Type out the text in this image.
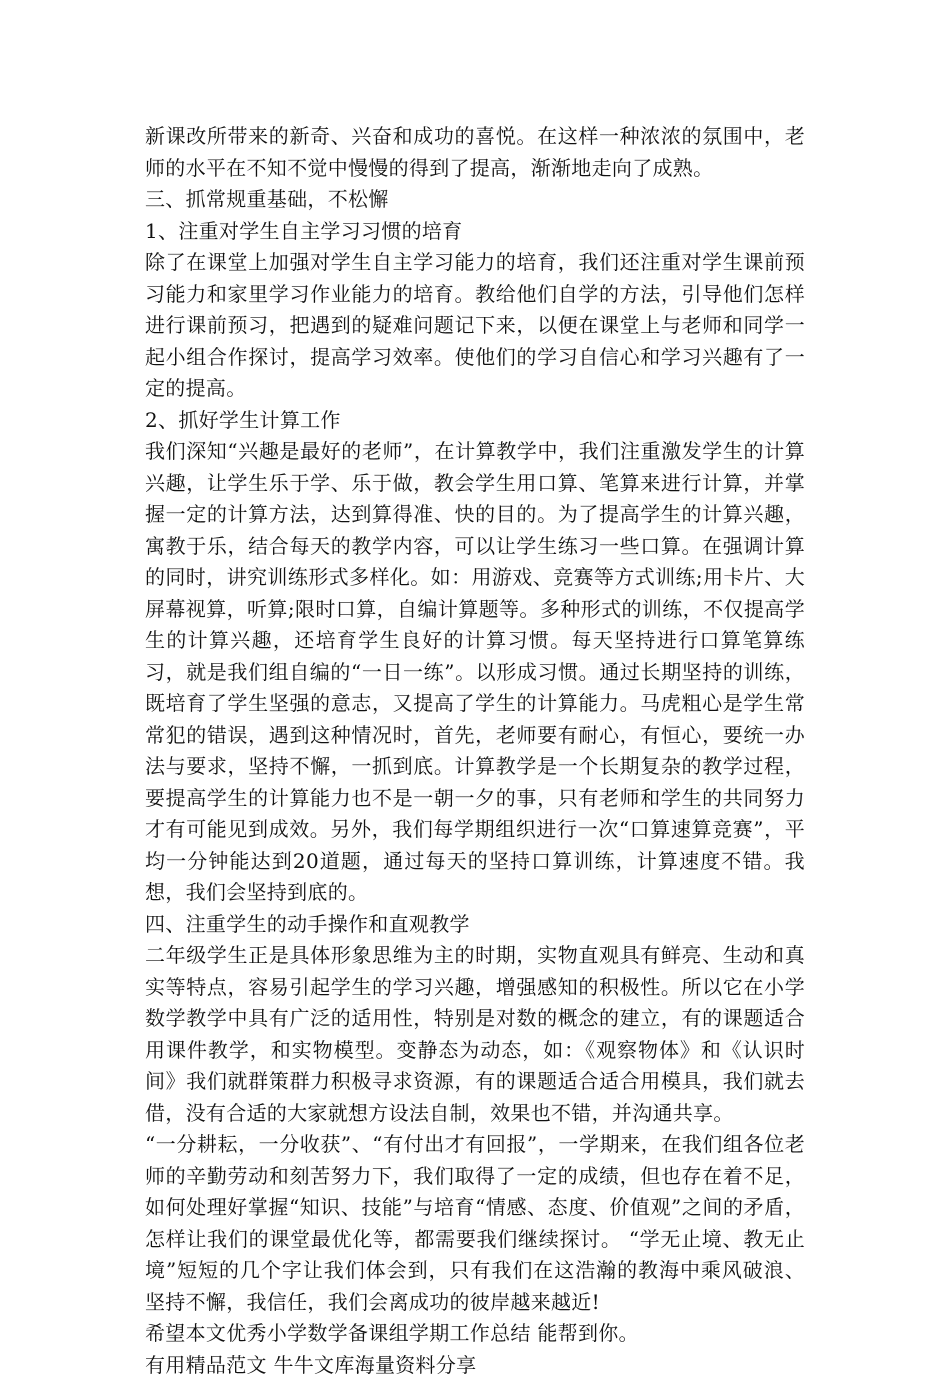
新课改所带来的新奇、兴奋和成功的喜悦。在这样一种浓浓的氛围中，老师的水平在不知不觉中慢慢的得到了提高，渐渐地走向了成熟。

三、抓常规重基础，不松懈

1、注重对学生自主学习习惯的培育

除了在课堂上加强对学生自主学习能力的培育，我们还注重对学生课前预习能力和家里学习作业能力的培育。教给他们自学的方法，引导他们怎样进行课前预习，把遇到的疑难问题记下来，以便在课堂上与老师和同学一起小组合作探讨，提高学习效率。使他们的学习自信心和学习兴趣有了一定的提高。

2、抓好学生计算工作

我们深知“兴趣是最好的老师”，在计算教学中，我们注重激发学生的计算兴趣，让学生乐于学、乐于做，教会学生用口算、笔算来进行计算，并掌握一定的计算方法，达到算得准、快的目的。为了提高学生的计算兴趣，寓教于乐，结合每天的教学内容，可以让学生练习一些口算。在强调计算的同时，讲究训练形式多样化。如：用游戏、竞赛等方式训练;用卡片、大屏幕视算，听算;限时口算，自编计算题等。多种形式的训练，不仅提高学生的计算兴趣，还培育学生良好的计算习惯。每天坚持进行口算笔算练习，就是我们组自编的“一日一练”。以形成习惯。通过长期坚持的训练，既培育了学生坚强的意志，又提高了学生的计算能力。马虎粗心是学生常常犯的错误，遇到这种情况时，首先，老师要有耐心，有恒心，要统一办法与要求，坚持不懈，一抓到底。计算教学是一个长期复杂的教学过程，要提高学生的计算能力也不是一朝一夕的事，只有老师和学生的共同努力才有可能见到成效。另外，我们每学期组织进行一次“口算速算竞赛”，平均一分钟能达到20道题，通过每天的坚持口算训练，计算速度不错。我想，我们会坚持到底的。

四、注重学生的动手操作和直观教学

二年级学生正是具体形象思维为主的时期，实物直观具有鲜亮、生动和真实等特点，容易引起学生的学习兴趣，增强感知的积极性。所以它在小学数学教学中具有广泛的适用性，特别是对数的概念的建立，有的课题适合用课件教学，和实物模型。变静态为动态，如：《观察物体》和《认识时间》我们就群策群力积极寻求资源，有的课题适合适合用模具，我们就去借，没有合适的大家就想方设法自制，效果也不错，并沟通共享。

“一分耕耘，一分收获”、“有付出才有回报”，一学期来，在我们组各位老师的辛勤劳动和刻苦努力下，我们取得了一定的成绩，但也存在着不足，如何处理好掌握“知识、技能”与培育“情感、态度、价值观”之间的矛盾，怎样让我们的课堂最优化等，都需要我们继续探讨。 “学无止境、教无止境”短短的几个字让我们体会到，只有我们在这浩瀚的教海中乘风破浪、坚持不懈，我信任，我们会离成功的彼岸越来越近!

希望本文优秀小学数学备课组学期工作总结 能帮到你。

有用精品范文 牛牛文库海量资料分享
